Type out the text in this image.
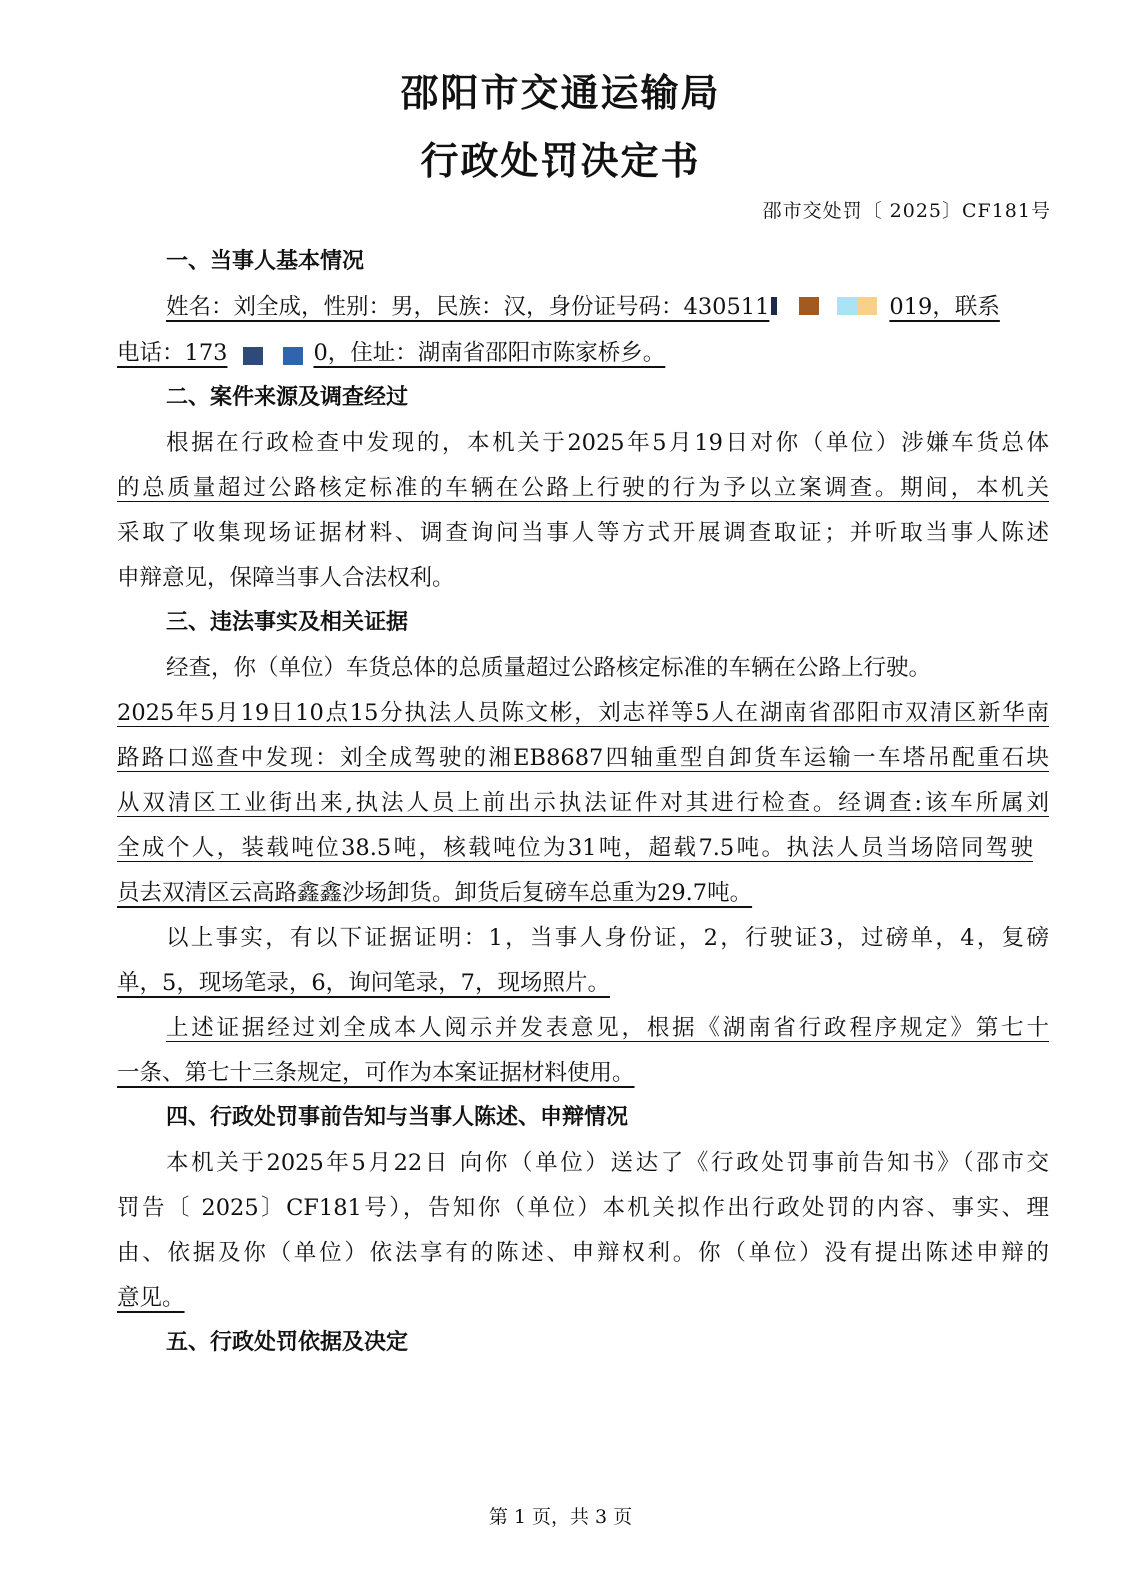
邵阳市交通运输局
行政处罚决定书
邵市交处罚〔 2025〕CF181号
一、当事人基本情况
姓名：刘全成，性别：男，民族：汉，身份证号码：430511	019，联系
电话：173	0，住址：湖南省邵阳市陈家桥乡。
二、案件来源及调查经过
根据在行政检查中发现的，本机关于2025年5月19日对你（单位）涉嫌车货总体
的总质量超过公路核定标准的车辆在公路上行驶的行为予以立案调查。期间，本机关
采取了收集现场证据材料、调查询问当事人等方式开展调查取证；并听取当事人陈述
申辩意见，保障当事人合法权利。
三、违法事实及相关证据
经查，你（单位）车货总体的总质量超过公路核定标准的车辆在公路上行驶。
2025年5月19日10点15分执法人员陈文彬，刘志祥等5人在湖南省邵阳市双清区新华南
路路口巡查中发现：刘全成驾驶的湘EB8687四轴重型自卸货车运输一车塔吊配重石块
从双清区工业街出来,执法人员上前出示执法证件对其进行检查。经调查:该车所属刘
全成个人，装载吨位38.5吨，核载吨位为31吨，超载7.5吨。执法人员当场陪同驾驶
员去双清区云高路鑫鑫沙场卸货。卸货后复磅车总重为29.7吨。
以上事实，有以下证据证明：1，当事人身份证，2，行驶证3，过磅单，4，复磅
单，5，现场笔录，6，询问笔录，7，现场照片。
上述证据经过刘全成本人阅示并发表意见，根据《湖南省行政程序规定》第七十
一条、第七十三条规定，可作为本案证据材料使用。
四、行政处罚事前告知与当事人陈述、申辩情况
本机关于2025年5月22日 向你（单位）送达了《行政处罚事前告知书》（邵市交
罚告〔 2025〕CF181号），告知你（单位）本机关拟作出行政处罚的内容、事实、理
由、依据及你（单位）依法享有的陈述、申辩权利。你（单位）没有提出陈述申辩的
意见。
五、行政处罚依据及决定
第 1 页，共 3 页
